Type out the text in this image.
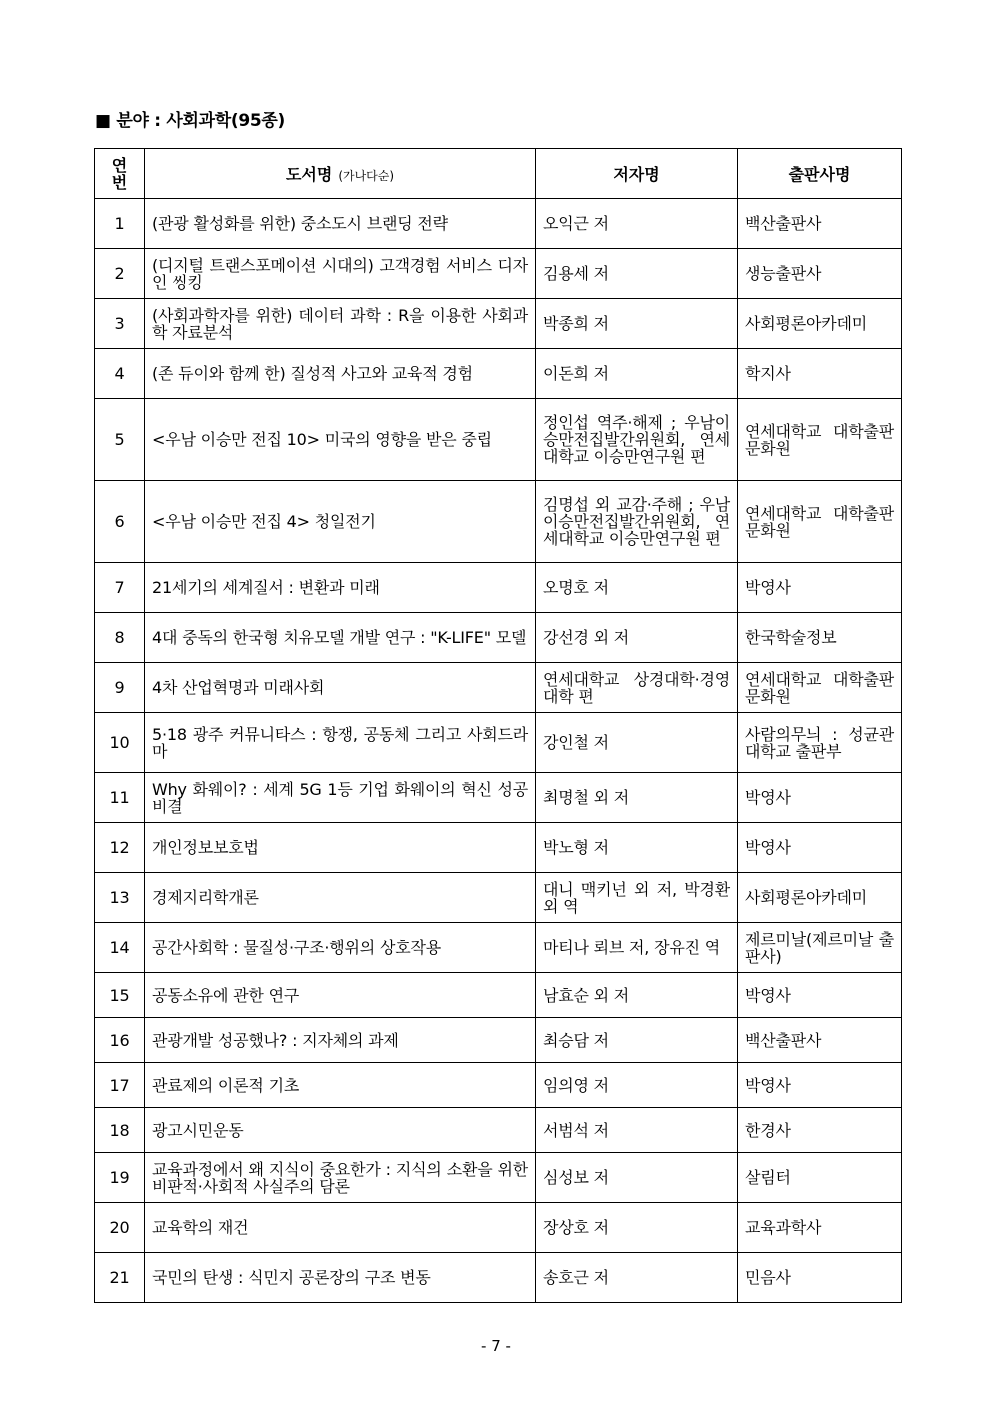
■ 분야 : 사회과학(95종)
연
번	도서명 (가나다순)	저자명	출판사명
1	(관광 활성화를 위한) 중소도시 브랜딩 전략	오익근 저	백산출판사
2	(디지털 트랜스포메이션 시대의) 고객경험 서비스 디자인 씽킹	김용세 저	생능출판사
3	(사회과학자를 위한) 데이터 과학 : R을 이용한 사회과학 자료분석	박종희 저	사회평론아카데미
4	(존 듀이와 함께 한) 질성적 사고와 교육적 경험	이돈희 저	학지사
5	<우남 이승만 전집 10> 미국의 영향을 받은 중립	정인섭 역주·해제 ; 우남이승만전집발간위원회, 연세대학교 이승만연구원 편	연세대학교 대학출판문화원
6	<우남 이승만 전집 4> 청일전기	김명섭 외 교감·주해 ; 우남이승만전집발간위원회, 연세대학교 이승만연구원 편	연세대학교 대학출판문화원
7	21세기의 세계질서 : 변환과 미래	오명호 저	박영사
8	4대 중독의 한국형 치유모델 개발 연구 : "K-LIFE" 모델	강선경 외 저	한국학술정보
9	4차 산업혁명과 미래사회	연세대학교 상경대학·경영대학 편	연세대학교 대학출판문화원
10	5·18 광주 커뮤니타스 : 항쟁, 공동체 그리고 사회드라마	강인철 저	사람의무늬 : 성균관대학교 출판부
11	Why 화웨이? : 세계 5G 1등 기업 화웨이의 혁신 성공비결	최명철 외 저	박영사
12	개인정보보호법	박노형 저	박영사
13	경제지리학개론	대니 맥키넌 외 저, 박경환 외 역	사회평론아카데미
14	공간사회학 : 물질성·구조·행위의 상호작용	마티나 뢰브 저, 장유진 역	제르미날(제르미날 출판사)
15	공동소유에 관한 연구	남효순 외 저	박영사
16	관광개발 성공했나? : 지자체의 과제	최승담 저	백산출판사
17	관료제의 이론적 기초	임의영 저	박영사
18	광고시민운동	서범석 저	한경사
19	교육과정에서 왜 지식이 중요한가 : 지식의 소환을 위한 비판적·사회적 사실주의 담론	심성보 저	살림터
20	교육학의 재건	장상호 저	교육과학사
21	국민의 탄생 : 식민지 공론장의 구조 변동	송호근 저	민음사
- 7 -
